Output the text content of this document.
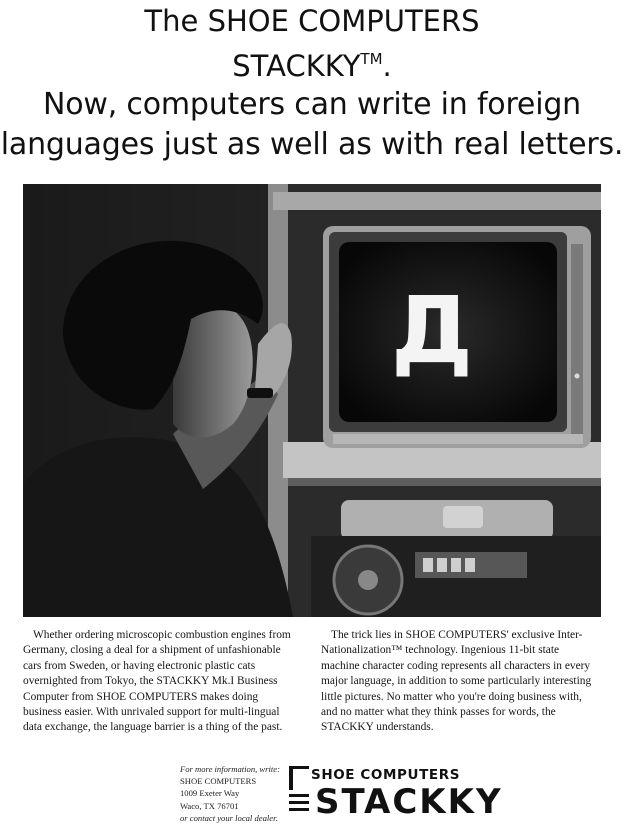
The SHOE COMPUTERS
STACKKY™.
Now, computers can write in foreign
languages just as well as with real letters.
Д

Whether ordering microscopic combustion engines from Germany, closing a deal for a shipment of unfashionable cars from Sweden, or having electronic plastic cats overnighted from Tokyo, the STACKKY Mk.I Business Computer from SHOE COMPUTERS makes doing business easier. With unrivaled support for multi-lingual data exchange, the language barrier is a thing of the past.

The trick lies in SHOE COMPUTERS' exclusive Inter-Nationalization™ technology. Ingenious 11-bit state machine character coding represents all characters in every major language, in addition to some particularly interesting little pictures. No matter who you're doing business with, and no matter what they think passes for words, the STACKKY understands.

For more information, write:
SHOE COMPUTERS
1009 Exeter Way
Waco, TX 76701
or contact your local dealer.
SHOE COMPUTERS
STACKKY
